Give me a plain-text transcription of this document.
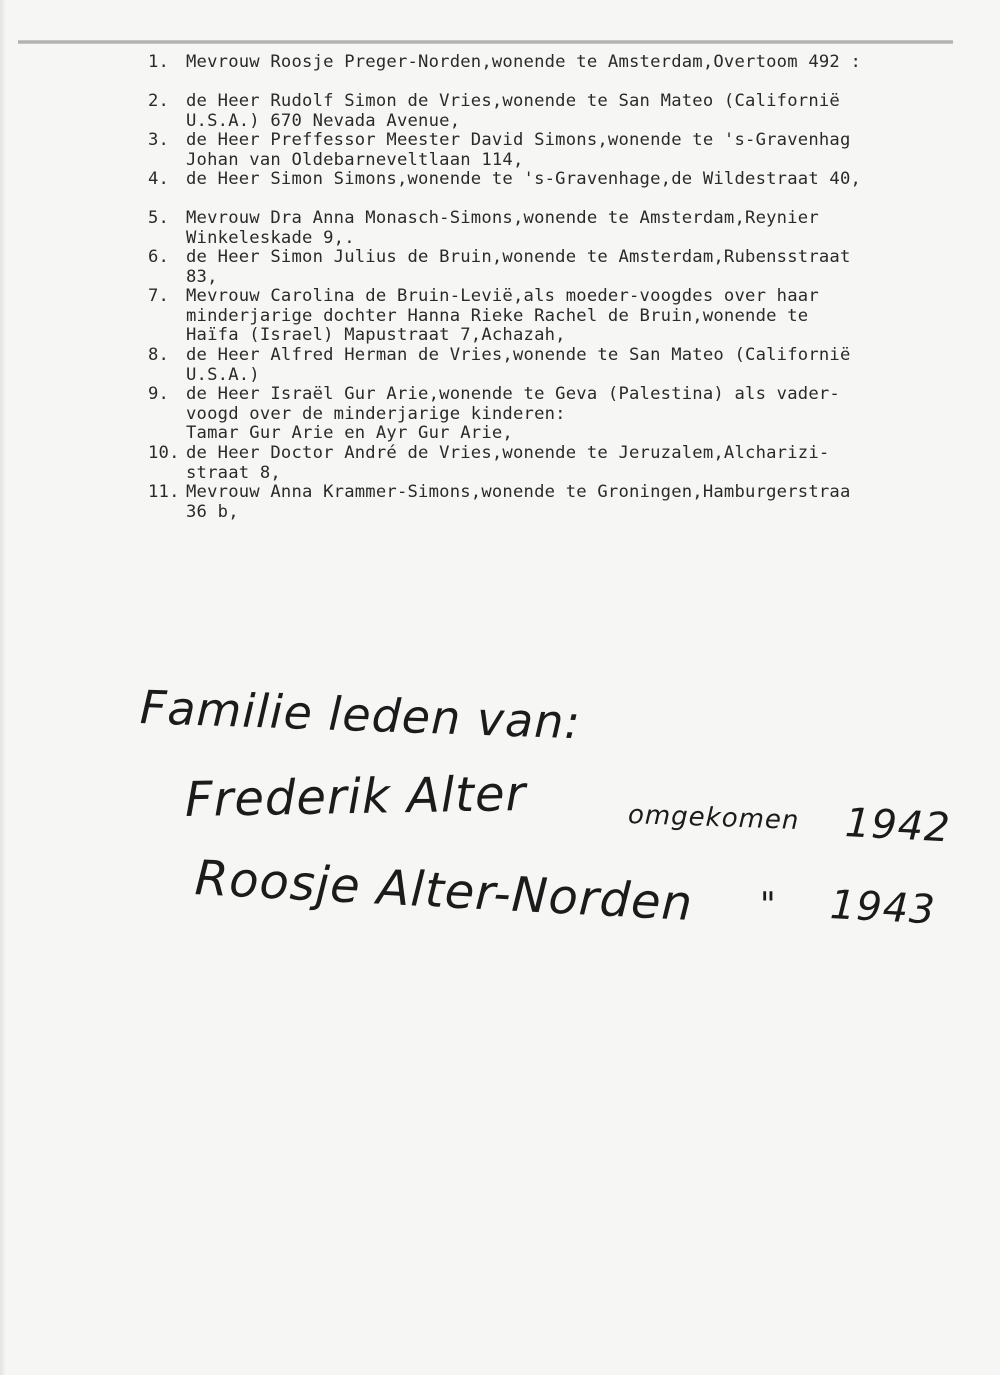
1. Mevrouw Roosje Preger-Norden,wonende te Amsterdam,Overtoom 492 :
2. de Heer Rudolf Simon de Vries,wonende te San Mateo (Californië
U.S.A.) 670 Nevada Avenue,
3. de Heer Preffessor Meester David Simons,wonende te 's-Gravenhag
Johan van Oldebarneveltlaan 114,
4. de Heer Simon Simons,wonende te 's-Gravenhage,de Wildestraat 40,
5. Mevrouw Dra Anna Monasch-Simons,wonende te Amsterdam,Reynier
Winkeleskade 9,.
6. de Heer Simon Julius de Bruin,wonende te Amsterdam,Rubensstraat
83,
7. Mevrouw Carolina de Bruin-Levië,als moeder-voogdes over haar
minderjarige dochter Hanna Rieke Rachel de Bruin,wonende te
Haïfa (Israel) Mapustraat 7,Achazah,
8. de Heer Alfred Herman de Vries,wonende te San Mateo (Californië
U.S.A.)
9. de Heer Israël Gur Arie,wonende te Geva (Palestina) als vader-
voogd over de minderjarige kinderen:
Tamar Gur Arie en Ayr Gur Arie,
10. de Heer Doctor André de Vries,wonende te Jeruzalem,Alcharizi-
straat 8,
11. Mevrouw Anna Krammer-Simons,wonende te Groningen,Hamburgerstraa
36 b,
Familie leden van:
Frederik Alter	omgekomen 1942
Roosje Alter-Norden " 1943
